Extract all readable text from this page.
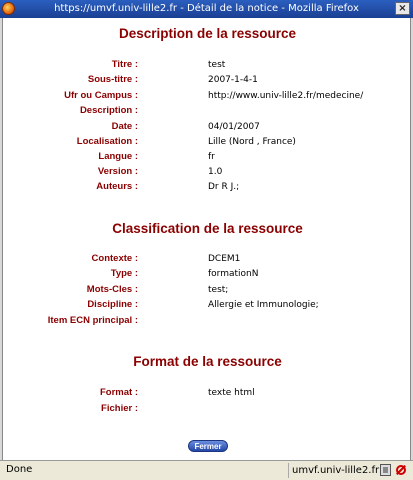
https://umvf.univ-lille2.fr - Détail de la notice - Mozilla Firefox	×
Description de la ressource
Titre :	test
Sous-titre :	2007-1-4-1
Ufr ou Campus :	http://www.univ-lille2.fr/medecine/
Description :
Date :	04/01/2007
Localisation :	Lille (Nord , France)
Langue :	fr
Version :	1.0
Auteurs :	Dr R J.;
Classification de la ressource
Contexte :	DCEM1
Type :	formationN
Mots-Cles :	test;
Discipline :	Allergie et Immunologie;
Item ECN principal :
Format de la ressource
Format :	texte html
Fichier :
Fermer
Done	umvf.univ-lille2.fr
